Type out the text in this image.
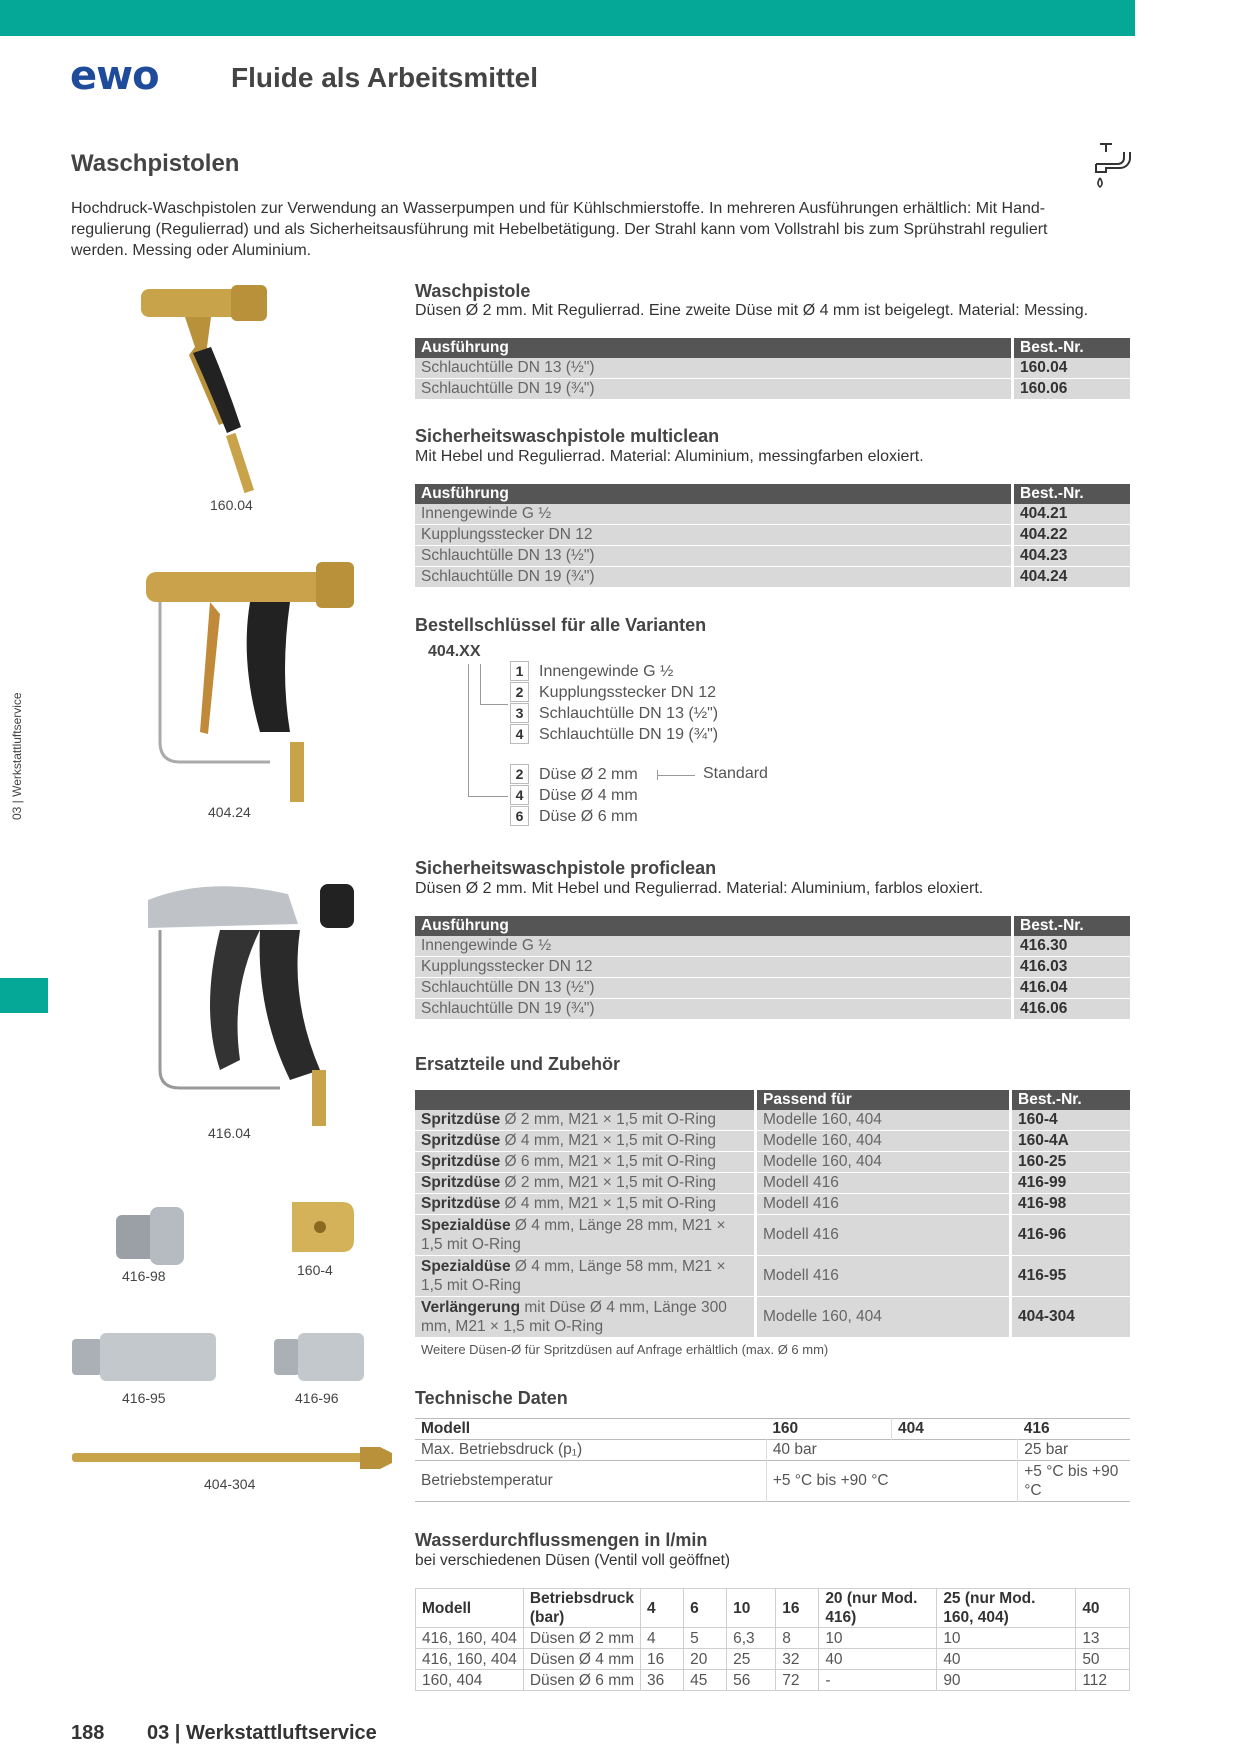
ewo	Fluide als Arbeitsmittel
Waschpistolen
Hochdruck-Waschpistolen zur Verwendung an Wasserpumpen und für Kühlschmierstoffe. In mehreren Ausführungen erhältlich: Mit Hand-regulierung (Regulierrad) und als Sicherheitsausführung mit Hebelbetätigung. Der Strahl kann vom Vollstrahl bis zum Sprühstrahl reguliert werden. Messing oder Aluminium.
03 | Werkstattluftservice
160.04
404.24
416.04
416-98	160-4
416-95	416-96
404-304
Waschpistole
Düsen Ø 2 mm. Mit Regulierrad. Eine zweite Düse mit Ø 4 mm ist beigelegt. Material: Messing.
Ausführung	Best.-Nr.
Schlauchtülle DN 13 (½")	160.04
Schlauchtülle DN 19 (¾")	160.06
Sicherheitswaschpistole multiclean
Mit Hebel und Regulierrad. Material: Aluminium, messingfarben eloxiert.
Ausführung	Best.-Nr.
Innengewinde G ½	404.21
Kupplungsstecker DN 12	404.22
Schlauchtülle DN 13 (½")	404.23
Schlauchtülle DN 19 (¾")	404.24
Bestellschlüssel für alle Varianten
404.XX
1 Innengewinde G ½
2 Kupplungsstecker DN 12
3 Schlauchtülle DN 13 (½")
4 Schlauchtülle DN 19 (¾")
2 Düse Ø 2 mm
4 Düse Ø 4 mm
6 Düse Ø 6 mm
Standard
Sicherheitswaschpistole proficlean
Düsen Ø 2 mm. Mit Hebel und Regulierrad. Material: Aluminium, farblos eloxiert.
Ausführung	Best.-Nr.
Innengewinde G ½	416.30
Kupplungsstecker DN 12	416.03
Schlauchtülle DN 13 (½")	416.04
Schlauchtülle DN 19 (¾")	416.06
Ersatzteile und Zubehör
	Passend für	Best.-Nr.
Spritzdüse Ø 2 mm, M21 × 1,5 mit O-Ring	Modelle 160, 404	160-4
Spritzdüse Ø 4 mm, M21 × 1,5 mit O-Ring	Modelle 160, 404	160-4A
Spritzdüse Ø 6 mm, M21 × 1,5 mit O-Ring	Modelle 160, 404	160-25
Spritzdüse Ø 2 mm, M21 × 1,5 mit O-Ring	Modell 416	416-99
Spritzdüse Ø 4 mm, M21 × 1,5 mit O-Ring	Modell 416	416-98
Spezialdüse Ø 4 mm, Länge 28 mm, M21 × 1,5 mit O-Ring	Modell 416	416-96
Spezialdüse Ø 4 mm, Länge 58 mm, M21 × 1,5 mit O-Ring	Modell 416	416-95
Verlängerung mit Düse Ø 4 mm, Länge 300 mm, M21 × 1,5 mit O-Ring	Modelle 160, 404	404-304
Weitere Düsen-Ø für Spritzdüsen auf Anfrage erhältlich (max. Ø 6 mm)
Technische Daten
Modell	160	404	416
Max. Betriebsdruck (p₁)	40 bar		25 bar
Betriebstemperatur	+5 °C bis +90 °C		+5 °C bis +90 °C
Wasserdurchflussmengen in l/min
bei verschiedenen Düsen (Ventil voll geöffnet)
Modell	Betriebsdruck (bar)	4	6	10	16	20 (nur Mod. 416)	25 (nur Mod. 160, 404)	40
416, 160, 404	Düsen Ø 2 mm	4	5	6,3	8	10	10	13
416, 160, 404	Düsen Ø 4 mm	16	20	25	32	40	40	50
160, 404	Düsen Ø 6 mm	36	45	56	72	-	90	112
188 03 | Werkstattluftservice
